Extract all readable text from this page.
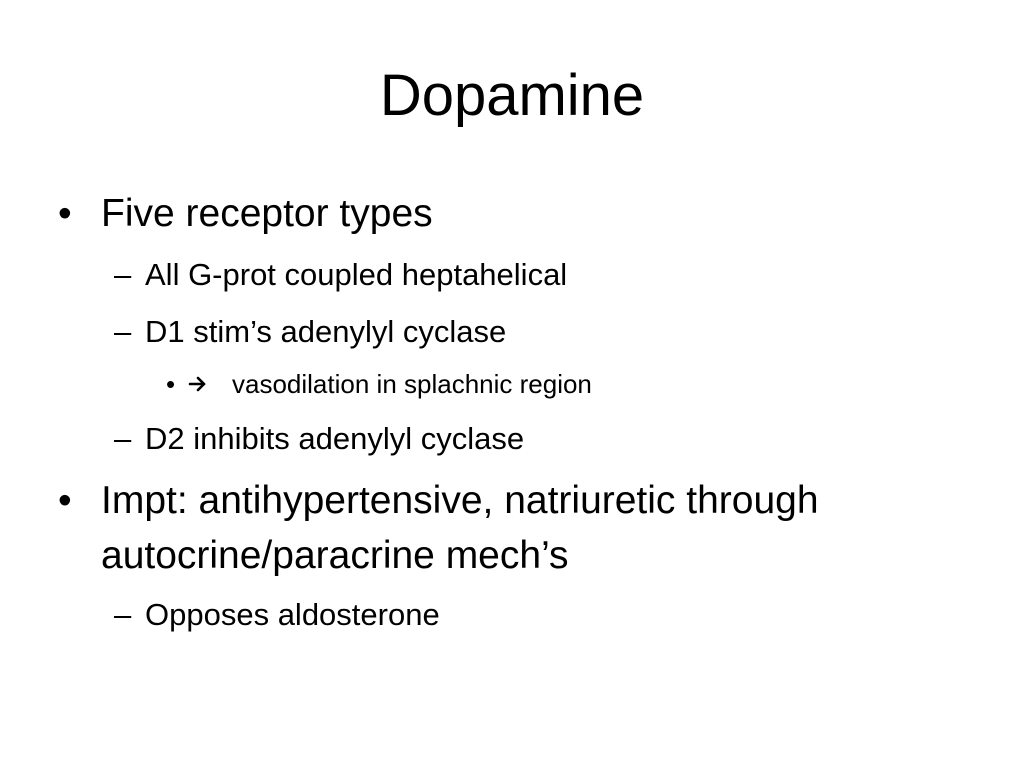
Dopamine
• Five receptor types
– All G-prot coupled heptahelical
– D1 stim’s adenylyl cyclase
• vasodilation in splachnic region
– D2 inhibits adenylyl cyclase
• Impt: antihypertensive, natriuretic through
autocrine/paracrine mech’s
– Opposes aldosterone
